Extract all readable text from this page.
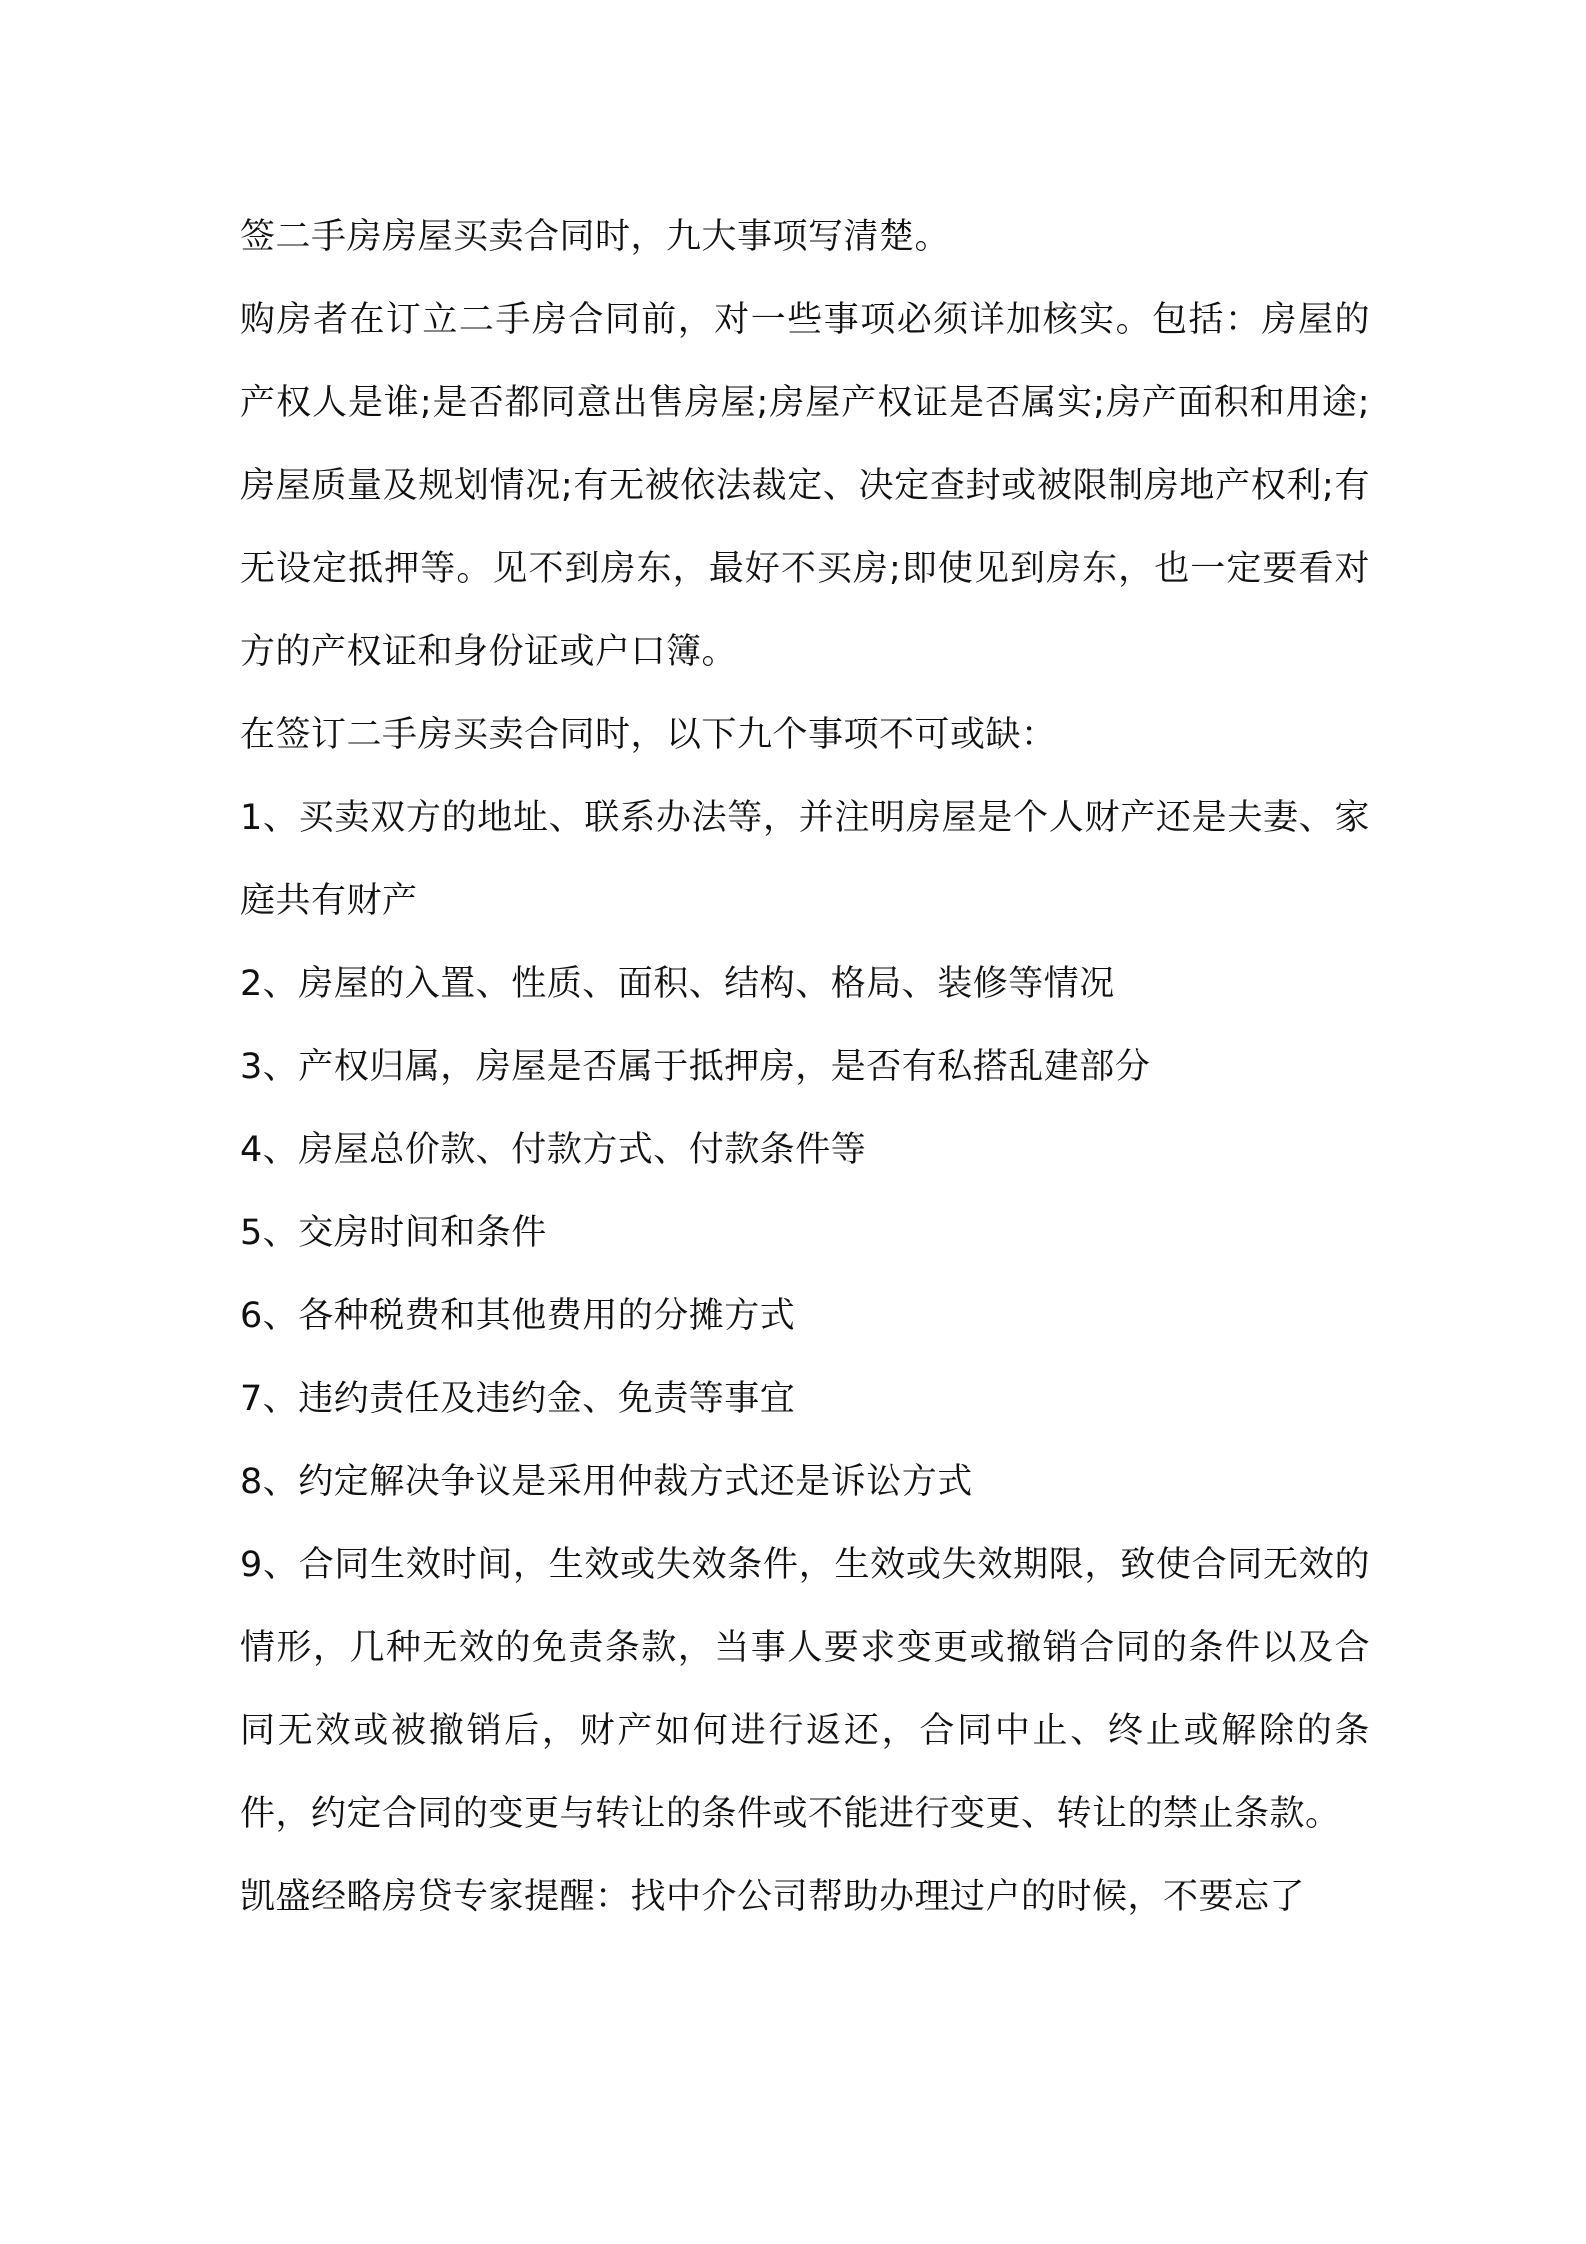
签二手房房屋买卖合同时，九大事项写清楚。

购房者在订立二手房合同前，对一些事项必须详加核实。包括：房屋的产权人是谁;是否都同意出售房屋;房屋产权证是否属实;房产面积和用途;房屋质量及规划情况;有无被依法裁定、决定查封或被限制房地产权利;有无设定抵押等。见不到房东，最好不买房;即使见到房东，也一定要看对方的产权证和身份证或户口簿。

在签订二手房买卖合同时，以下九个事项不可或缺：

1、买卖双方的地址、联系办法等，并注明房屋是个人财产还是夫妻、家庭共有财产

2、房屋的入置、性质、面积、结构、格局、装修等情况

3、产权归属，房屋是否属于抵押房，是否有私搭乱建部分

4、房屋总价款、付款方式、付款条件等

5、交房时间和条件

6、各种税费和其他费用的分摊方式

7、违约责任及违约金、免责等事宜

8、约定解决争议是采用仲裁方式还是诉讼方式

9、合同生效时间，生效或失效条件，生效或失效期限，致使合同无效的情形，几种无效的免责条款，当事人要求变更或撤销合同的条件以及合同无效或被撤销后，财产如何进行返还，合同中止、终止或解除的条件，约定合同的变更与转让的条件或不能进行变更、转让的禁止条款。

凯盛经略房贷专家提醒：找中介公司帮助办理过户的时候，不要忘了
